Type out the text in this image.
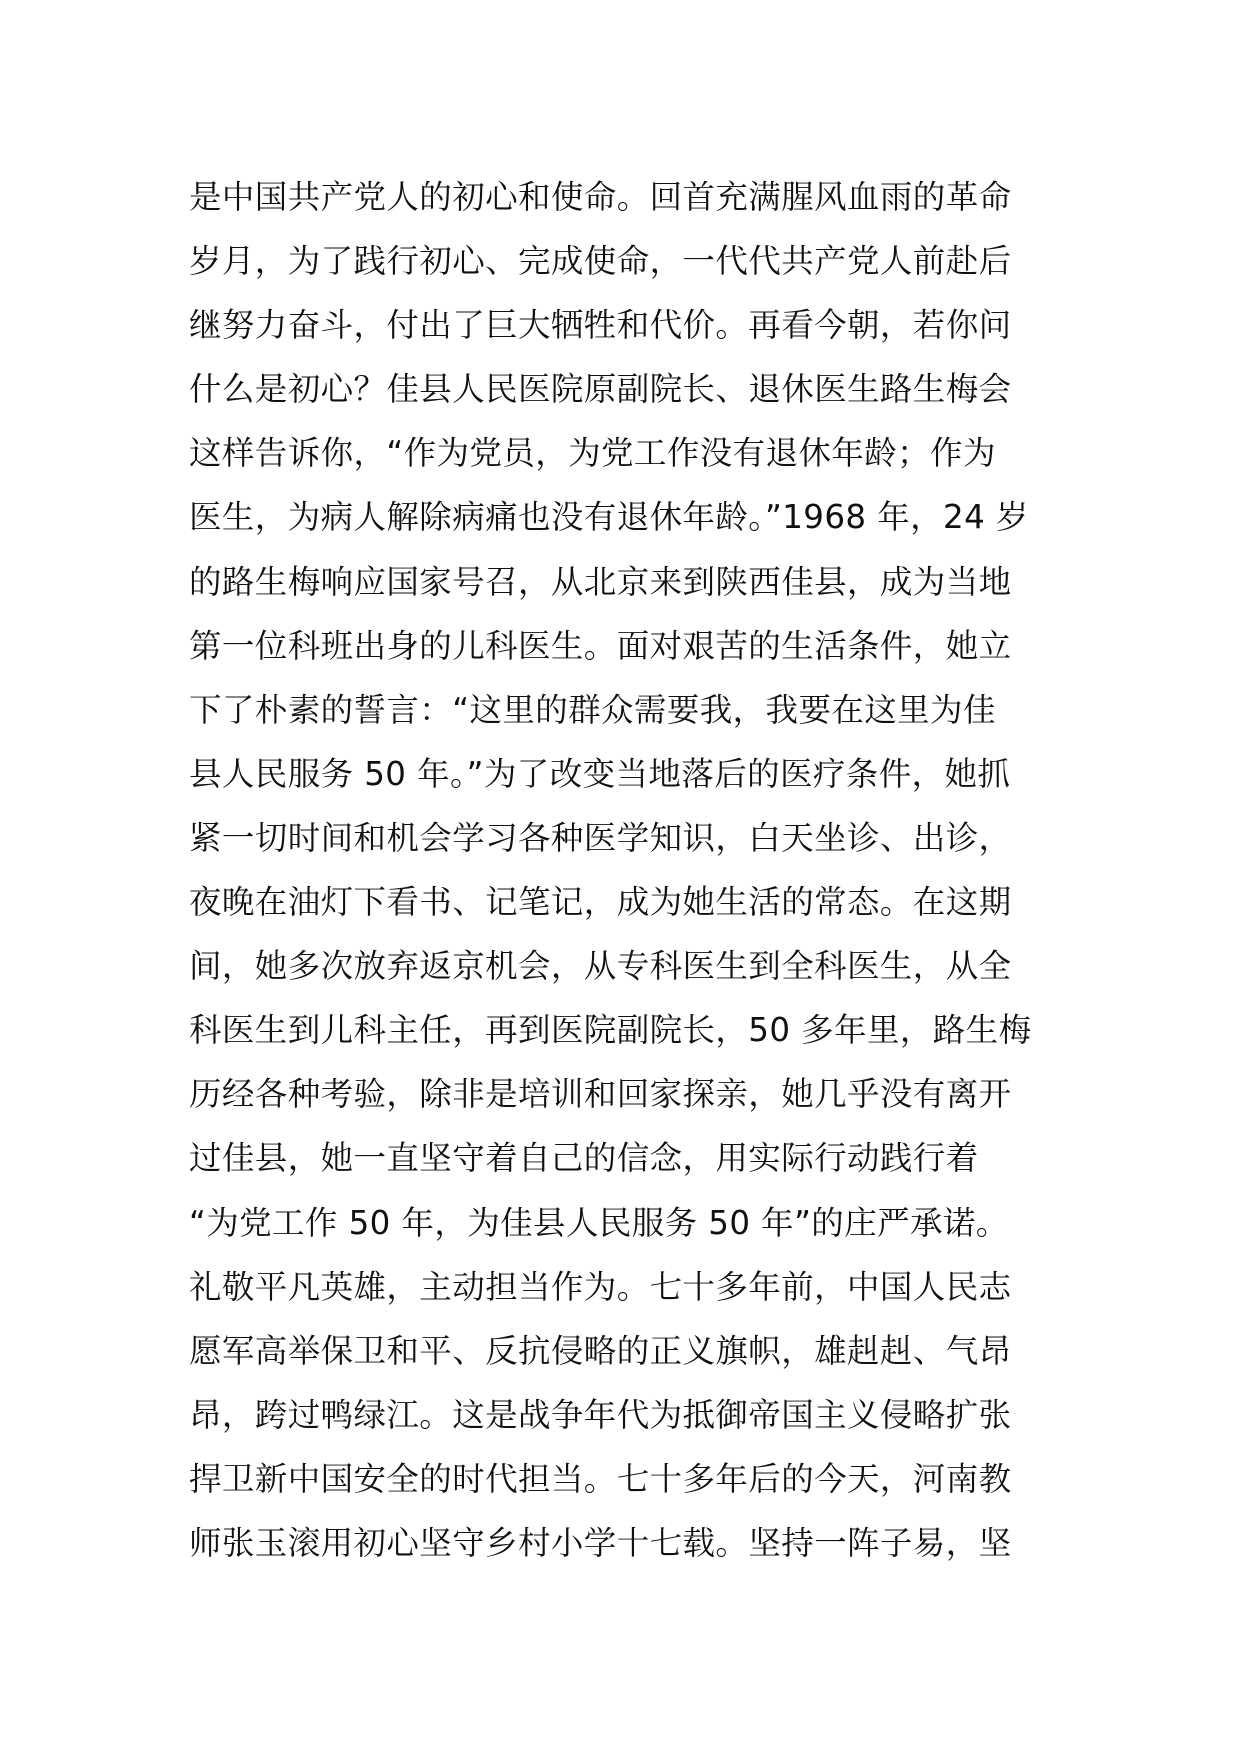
是中国共产党人的初心和使命。回首充满腥风血雨的革命
岁月，为了践行初心、完成使命，一代代共产党人前赴后
继努力奋斗，付出了巨大牺牲和代价。再看今朝，若你问
什么是初心？佳县人民医院原副院长、退休医生路生梅会
这样告诉你，“作为党员，为党工作没有退休年龄；作为
医生，为病人解除病痛也没有退休年龄。”1968 年，24 岁
的路生梅响应国家号召，从北京来到陕西佳县，成为当地
第一位科班出身的儿科医生。面对艰苦的生活条件，她立
下了朴素的誓言：“这里的群众需要我，我要在这里为佳
县人民服务 50 年。”为了改变当地落后的医疗条件，她抓
紧一切时间和机会学习各种医学知识，白天坐诊、出诊，
夜晚在油灯下看书、记笔记，成为她生活的常态。在这期
间，她多次放弃返京机会，从专科医生到全科医生，从全
科医生到儿科主任，再到医院副院长，50 多年里，路生梅
历经各种考验，除非是培训和回家探亲，她几乎没有离开
过佳县，她一直坚守着自己的信念，用实际行动践行着
“为党工作 50 年，为佳县人民服务 50 年”的庄严承诺。
礼敬平凡英雄，主动担当作为。七十多年前，中国人民志
愿军高举保卫和平、反抗侵略的正义旗帜，雄赳赳、气昂
昂，跨过鸭绿江。这是战争年代为抵御帝国主义侵略扩张
捍卫新中国安全的时代担当。七十多年后的今天，河南教
师张玉滚用初心坚守乡村小学十七载。坚持一阵子易，坚
